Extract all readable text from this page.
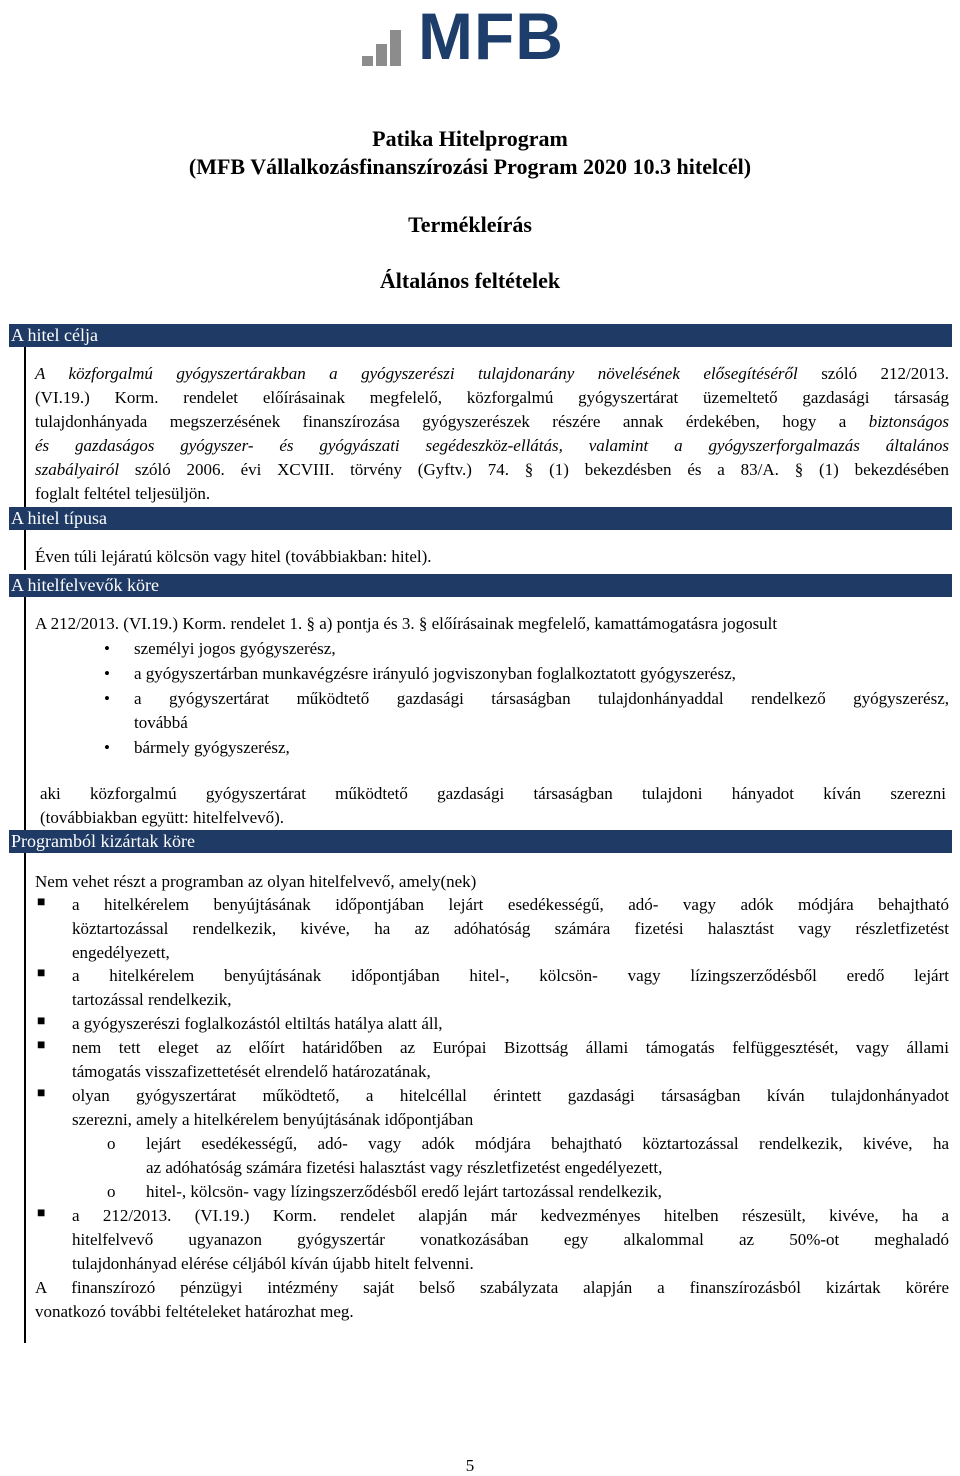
MFB
Patika Hitelprogram
(MFB Vállalkozásfinanszírozási Program 2020 10.3 hitelcél)
Termékleírás
Általános feltételek
A hitel célja
A közforgalmú gyógyszertárakban a gyógyszerészi tulajdonarány növelésének elősegítéséről szóló 212/2013.
(VI.19.) Korm. rendelet előírásainak megfelelő, közforgalmú gyógyszertárat üzemeltető gazdasági társaság
tulajdonhányada megszerzésének finanszírozása gyógyszerészek részére annak érdekében, hogy a biztonságos
és gazdaságos gyógyszer- és gyógyászati segédeszköz-ellátás, valamint a gyógyszerforgalmazás általános
szabályairól szóló 2006. évi XCVIII. törvény (Gyftv.) 74. § (1) bekezdésben és a 83/A. § (1) bekezdésében
foglalt feltétel teljesüljön.
A hitel típusa
Éven túli lejáratú kölcsön vagy hitel (továbbiakban: hitel).
A hitelfelvevők köre
A 212/2013. (VI.19.) Korm. rendelet 1. § a) pontja és 3. § előírásainak megfelelő, kamattámogatásra jogosult
• személyi jogos gyógyszerész,
• a gyógyszertárban munkavégzésre irányuló jogviszonyban foglalkoztatott gyógyszerész,
• a gyógyszertárat működtető gazdasági társaságban tulajdonhányaddal rendelkező gyógyszerész,
továbbá
• bármely gyógyszerész,
aki közforgalmú gyógyszertárat működtető gazdasági társaságban tulajdoni hányadot kíván szerezni
(továbbiakban együtt: hitelfelvevő).
Programból kizártak köre
Nem vehet részt a programban az olyan hitelfelvevő, amely(nek)
■ a hitelkérelem benyújtásának időpontjában lejárt esedékességű, adó- vagy adók módjára behajtható
köztartozással rendelkezik, kivéve, ha az adóhatóság számára fizetési halasztást vagy részletfizetést
engedélyezett,
■ a hitelkérelem benyújtásának időpontjában hitel-, kölcsön- vagy lízingszerződésből eredő lejárt
tartozással rendelkezik,
■ a gyógyszerészi foglalkozástól eltiltás hatálya alatt áll,
■ nem tett eleget az előírt határidőben az Európai Bizottság állami támogatás felfüggesztését, vagy állami
támogatás visszafizettetését elrendelő határozatának,
■ olyan gyógyszertárat működtető, a hitelcéllal érintett gazdasági társaságban kíván tulajdonhányadot
szerezni, amely a hitelkérelem benyújtásának időpontjában
o lejárt esedékességű, adó- vagy adók módjára behajtható köztartozással rendelkezik, kivéve, ha
az adóhatóság számára fizetési halasztást vagy részletfizetést engedélyezett,
o hitel-, kölcsön- vagy lízingszerződésből eredő lejárt tartozással rendelkezik,
■ a 212/2013. (VI.19.) Korm. rendelet alapján már kedvezményes hitelben részesült, kivéve, ha a
hitelfelvevő ugyanazon gyógyszertár vonatkozásában egy alkalommal az 50%-ot meghaladó
tulajdonhányad elérése céljából kíván újabb hitelt felvenni.
A finanszírozó pénzügyi intézmény saját belső szabályzata alapján a finanszírozásból kizártak körére
vonatkozó további feltételeket határozhat meg.
5
